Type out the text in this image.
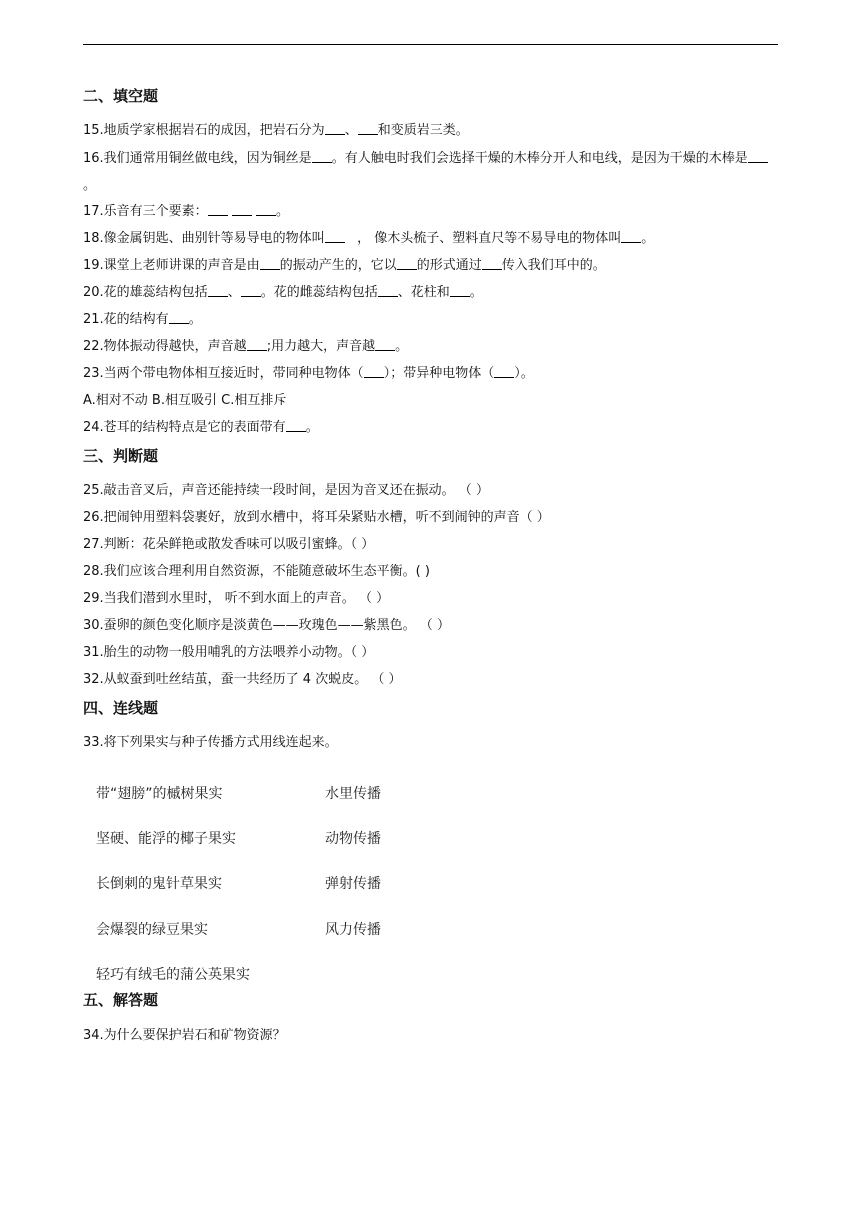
二、填空题
15.地质学家根据岩石的成因，把岩石分为 、 和变质岩三类。
16.我们通常用铜丝做电线，因为铜丝是 。有人触电时我们会选择干燥的木棒分开人和电线，是因为干燥的木棒是。
17.乐音有三个要素：	。
18.像金属钥匙、曲别针等易导电的物体叫 ， 像木头梳子、塑料直尺等不易导电的物体叫 。
19.课堂上老师讲课的声音是由 的振动产生的，它以 的形式通过 传入我们耳中的。
20.花的雄蕊结构包括 、 。花的雌蕊结构包括 、花柱和 。
21.花的结构有 。
22.物体振动得越快，声音越 ;用力越大，声音越 。
23.当两个带电物体相互接近时，带同种电物体（ ）；带异种电物体（ ）。
A.相对不动 B.相互吸引 C.相互排斥
24.苍耳的结构特点是它的表面带有 。
三、判断题
25.敲击音叉后，声音还能持续一段时间，是因为音叉还在振动。 （ ）
26.把闹钟用塑料袋裹好，放到水槽中，将耳朵紧贴水槽，听不到闹钟的声音（ ）
27.判断：花朵鲜艳或散发香味可以吸引蜜蜂。（ ）
28.我们应该合理利用自然资源，不能随意破坏生态平衡。( )
29.当我们潜到水里时， 听不到水面上的声音。 （ ）
30.蚕卵的颜色变化顺序是淡黄色——玫瑰色——紫黑色。 （ ）
31.胎生的动物一般用哺乳的方法喂养小动物。（ ）
32.从蚁蚕到吐丝结茧，蚕一共经历了 4 次蜕皮。 （ ）
四、连线题
33.将下列果实与种子传播方式用线连起来。
带“翅膀”的槭树果实
坚硬、能浮的椰子果实
长倒刺的鬼针草果实
会爆裂的绿豆果实
轻巧有绒毛的蒲公英果实
水里传播
动物传播
弹射传播
风力传播
五、解答题
34.为什么要保护岩石和矿物资源？
